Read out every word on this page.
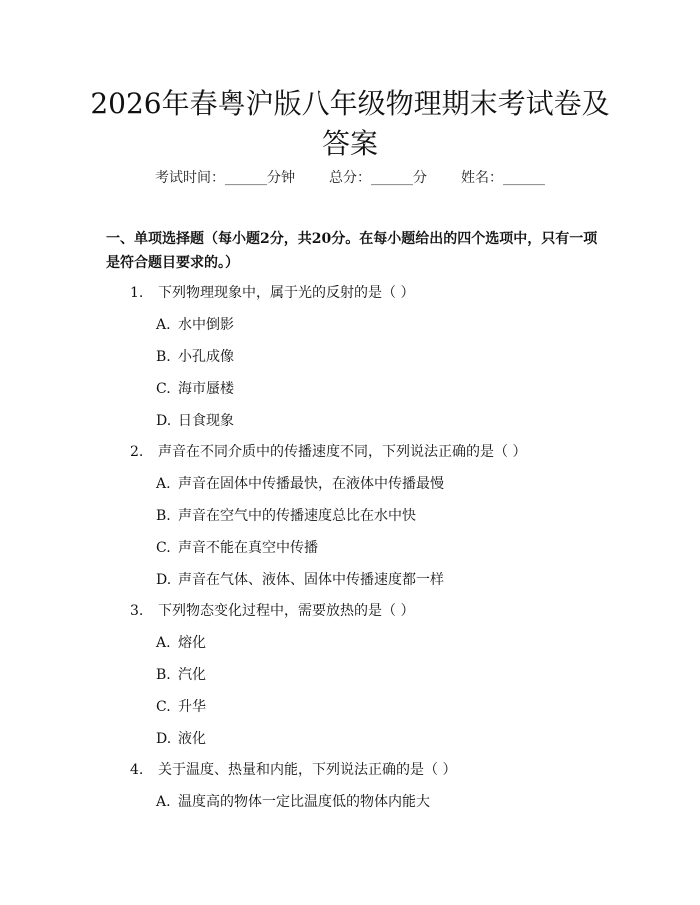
2026年春粤沪版八年级物理期末考试卷及答案
考试时间：______分钟 总分：______分 姓名：______
一、单项选择题（每小题2分，共20分。在每小题给出的四个选项中，只有一项是符合题目要求的。）
1. 下列物理现象中，属于光的反射的是（ ）
A. 水中倒影
B. 小孔成像
C. 海市蜃楼
D. 日食现象
2. 声音在不同介质中的传播速度不同，下列说法正确的是（ ）
A. 声音在固体中传播最快，在液体中传播最慢
B. 声音在空气中的传播速度总比在水中快
C. 声音不能在真空中传播
D. 声音在气体、液体、固体中传播速度都一样
3. 下列物态变化过程中，需要放热的是（ ）
A. 熔化
B. 汽化
C. 升华
D. 液化
4. 关于温度、热量和内能，下列说法正确的是（ ）
A. 温度高的物体一定比温度低的物体内能大
